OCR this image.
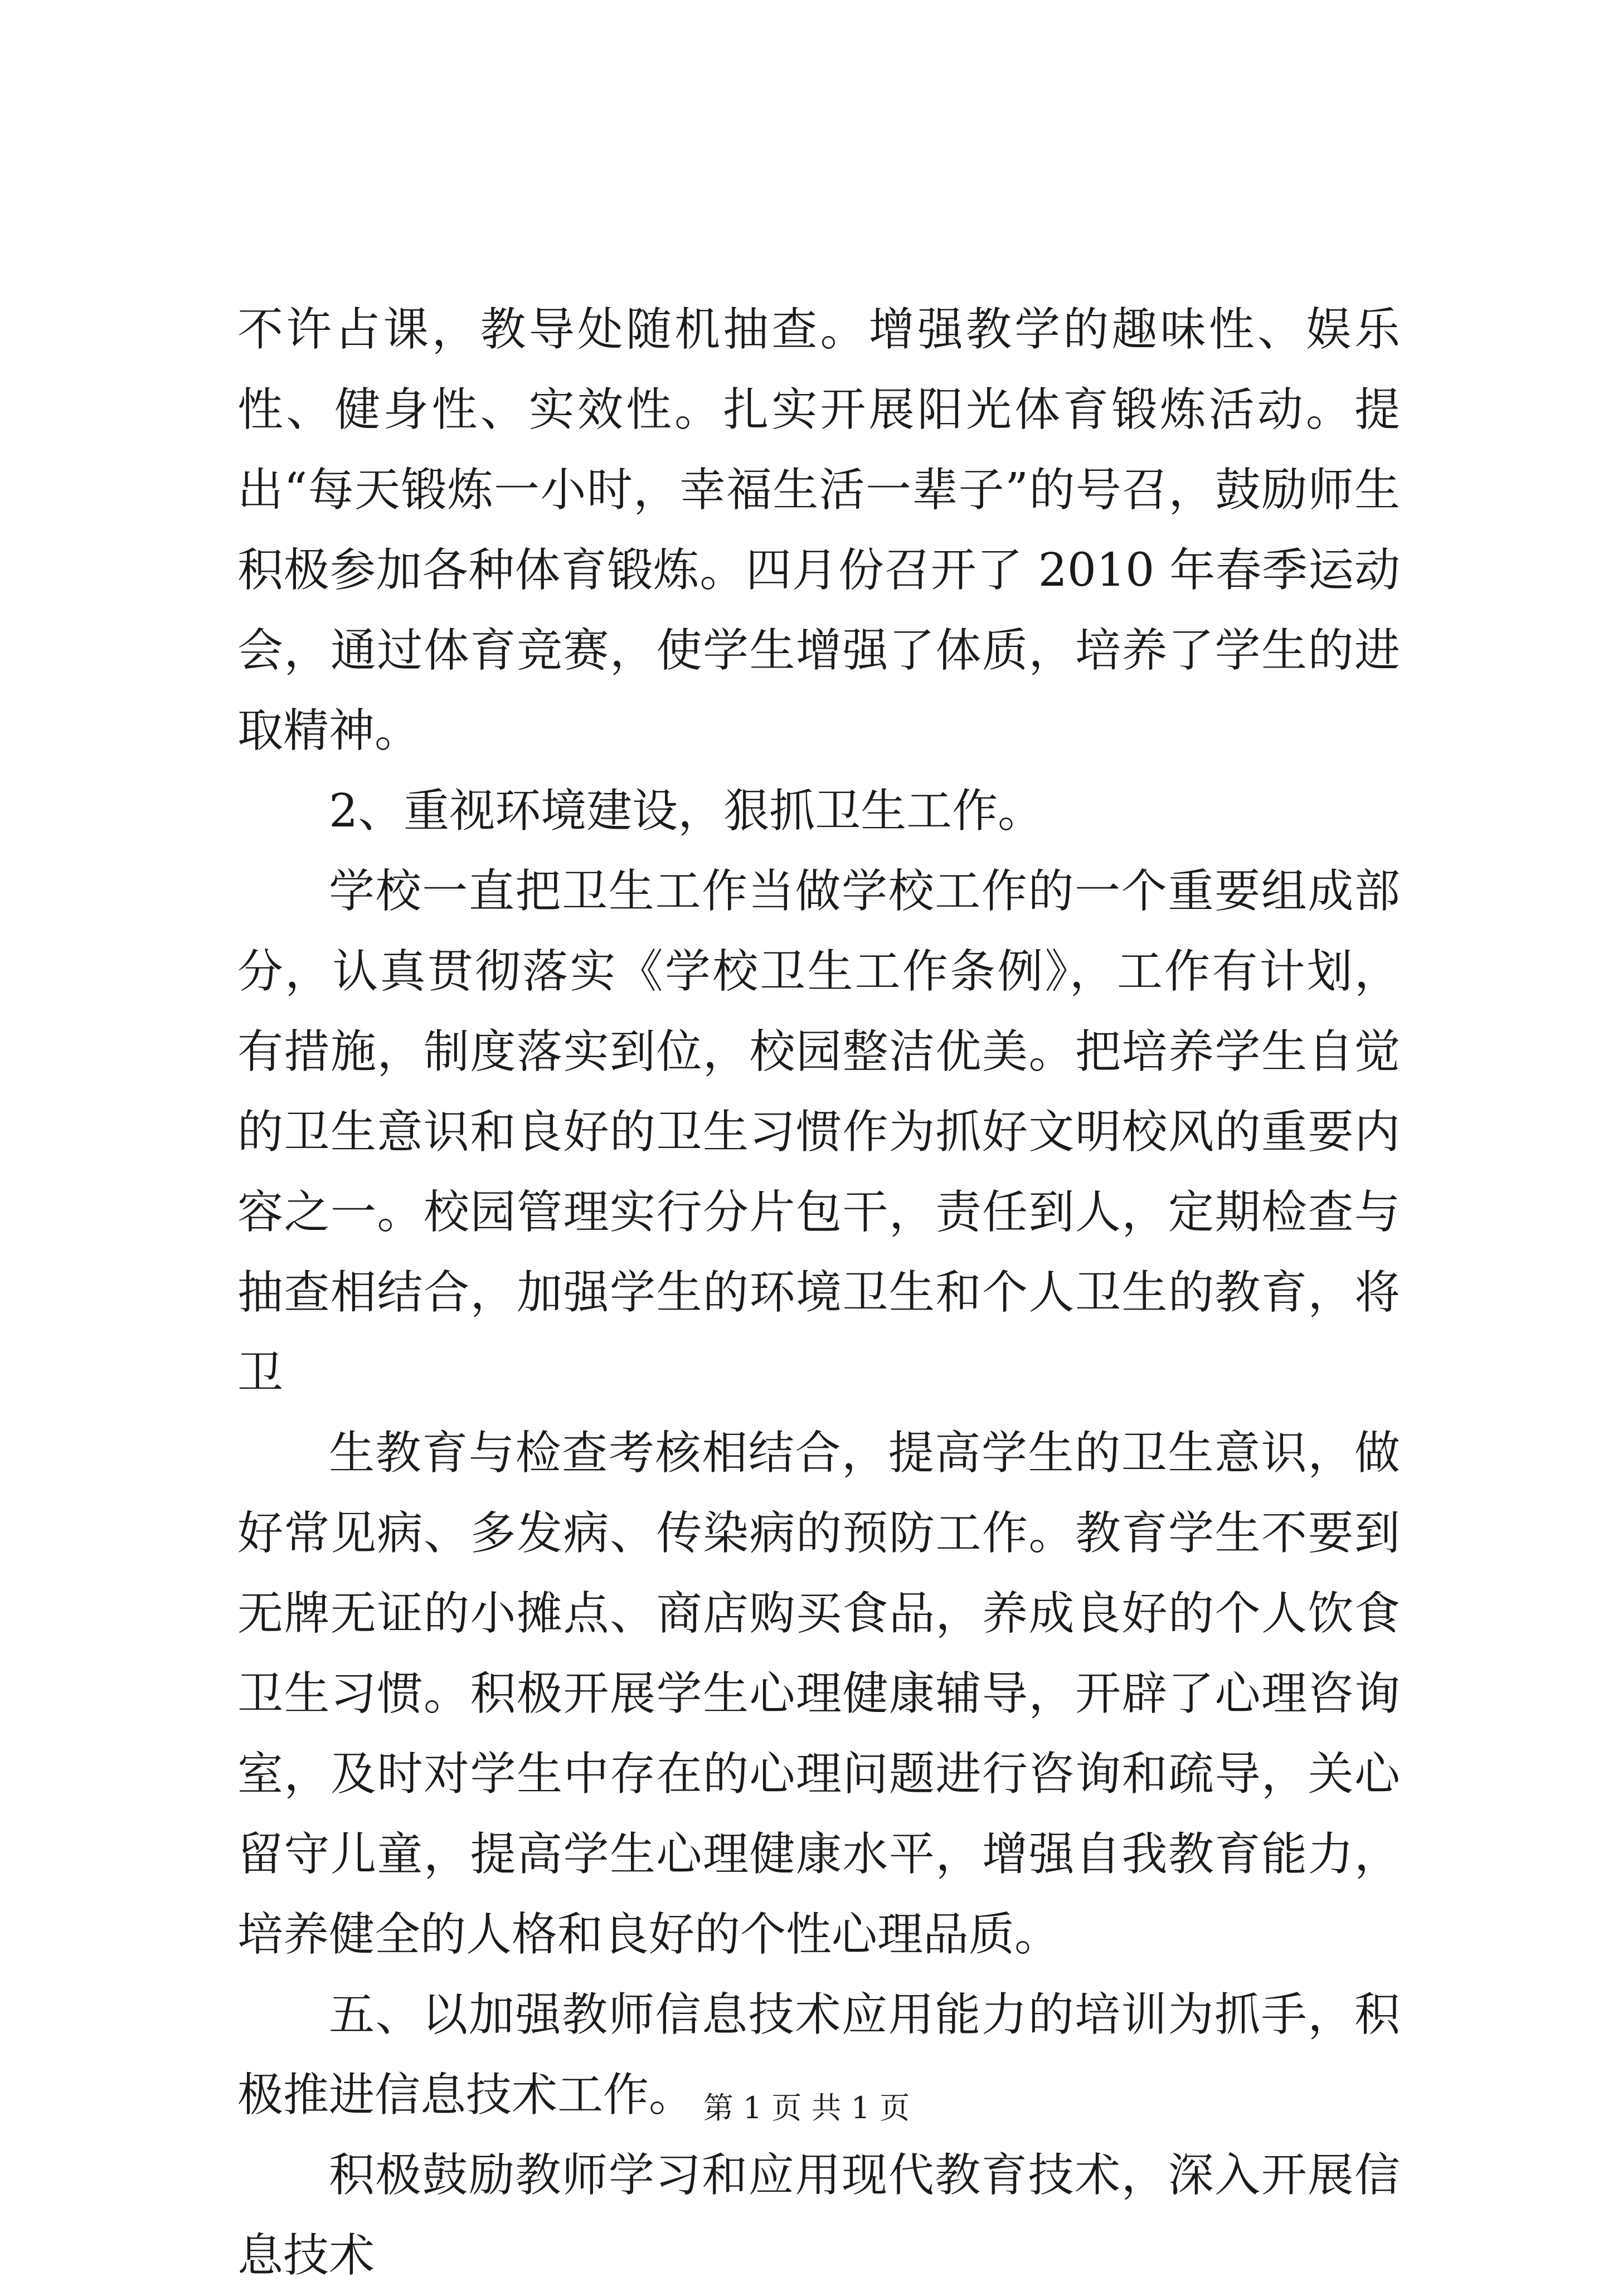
不许占课，教导处随机抽查。增强教学的趣味性、娱乐性、健身性、实效性。扎实开展阳光体育锻炼活动。提出“每天锻炼一小时，幸福生活一辈子”的号召，鼓励师生积极参加各种体育锻炼。四月份召开了 2010 年春季运动会，通过体育竞赛，使学生增强了体质，培养了学生的进取精神。

2、重视环境建设，狠抓卫生工作。

学校一直把卫生工作当做学校工作的一个重要组成部分，认真贯彻落实《学校卫生工作条例》，工作有计划，有措施，制度落实到位，校园整洁优美。把培养学生自觉的卫生意识和良好的卫生习惯作为抓好文明校风的重要内容之一。校园管理实行分片包干，责任到人，定期检查与抽查相结合，加强学生的环境卫生和个人卫生的教育，将卫

生教育与检查考核相结合，提高学生的卫生意识，做好常见病、多发病、传染病的预防工作。教育学生不要到无牌无证的小摊点、商店购买食品，养成良好的个人饮食卫生习惯。积极开展学生心理健康辅导，开辟了心理咨询室，及时对学生中存在的心理问题进行咨询和疏导，关心留守儿童，提高学生心理健康水平，增强自我教育能力，培养健全的人格和良好的个性心理品质。

五、以加强教师信息技术应用能力的培训为抓手，积极推进信息技术工作。

积极鼓励教师学习和应用现代教育技术，深入开展信息技术

第 1 页 共 1 页
